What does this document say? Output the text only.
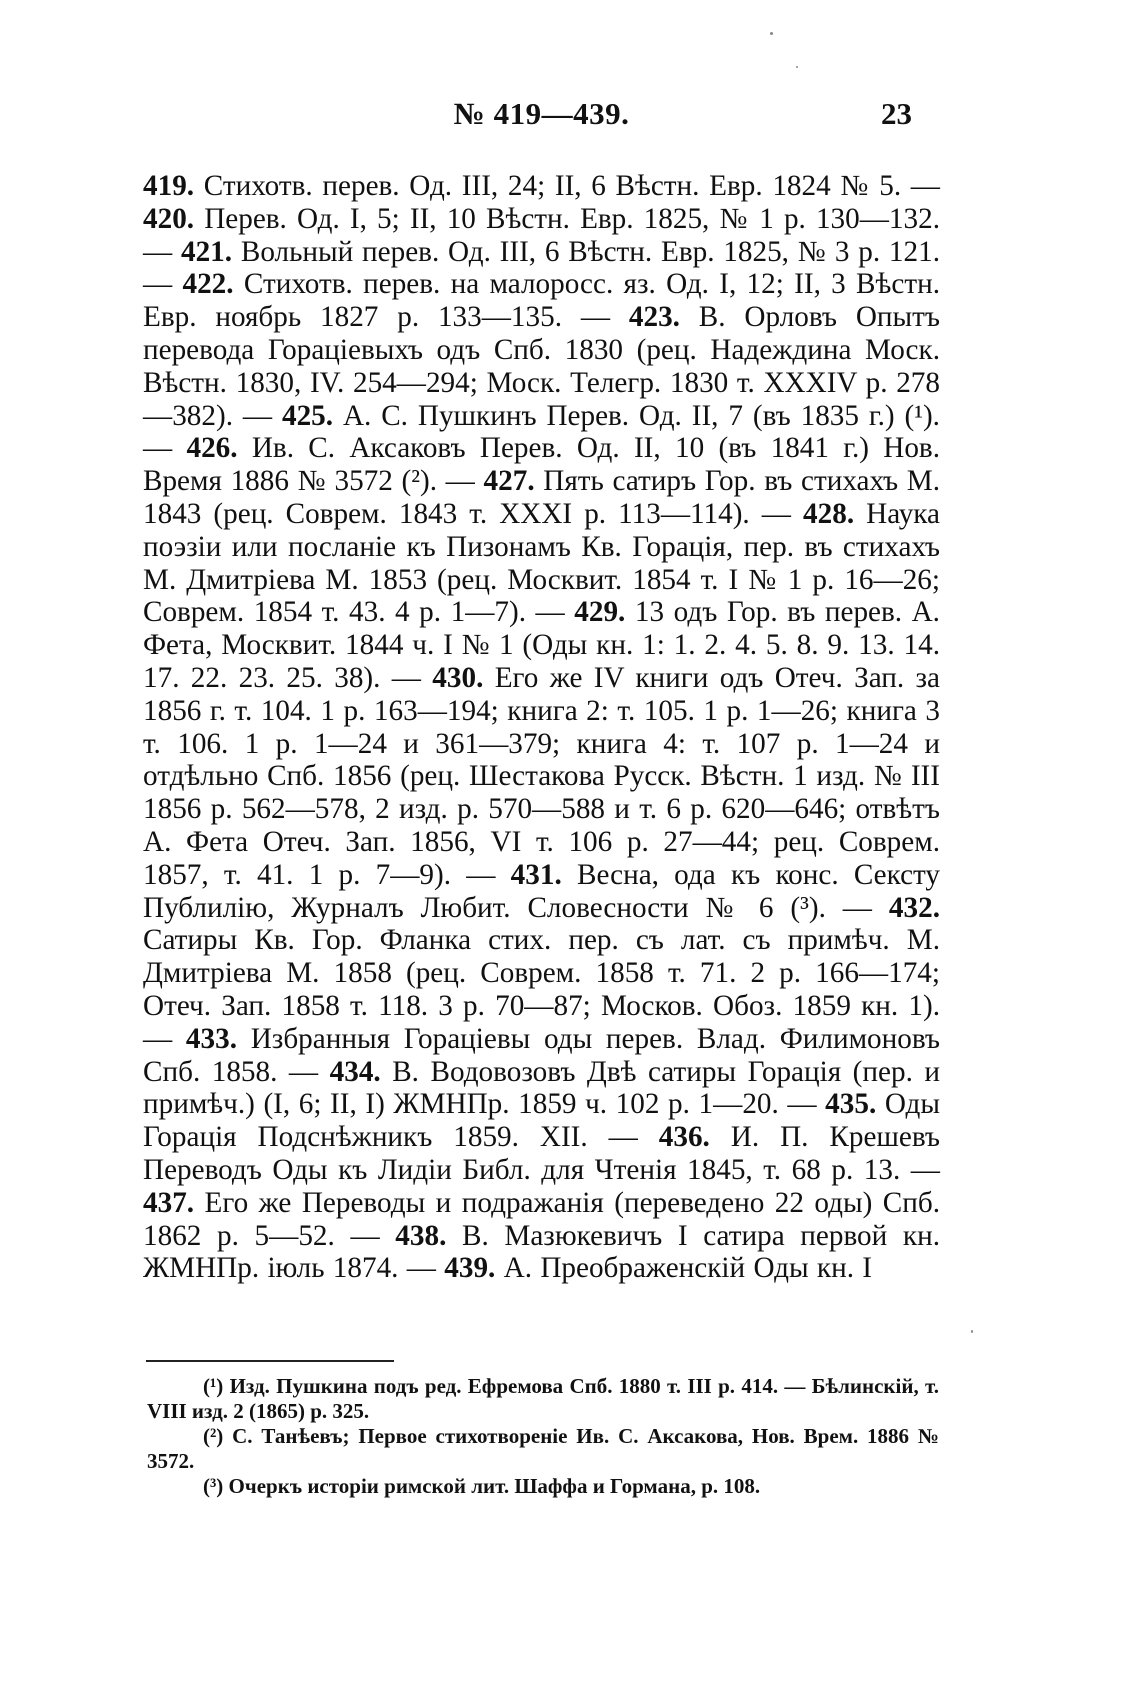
№ 419—439.	23
419. Стихотв. перев. Од. III, 24; II, 6 Вѣстн. Евр. 1824 № 5. — 420. Перев. Од. I, 5; II, 10 Вѣстн. Евр. 1825, № 1 р. 130—132. — 421. Вольный перев. Од. III, 6 Вѣстн. Евр. 1825, № 3 р. 121. — 422. Стихотв. перев. на малоросс. яз. Од. I, 12; II, 3 Вѣстн. Евр. ноябрь 1827 р. 133—135. — 423. В. Орловъ Опытъ перевода Горацiевыхъ одъ Спб. 1830 (рец. Надеждина Моск. Вѣстн. 1830, IV. 254—294; Моск. Телегр. 1830 т. XXXIV р. 278—382). — 425. А. С. Пушкинъ Перев. Од. II, 7 (въ 1835 г.) (¹). — 426. Ив. С. Аксаковъ Перев. Од. II, 10 (въ 1841 г.) Нов. Время 1886 № 3572 (²). — 427. Пять сатиръ Гор. въ стихахъ М. 1843 (рец. Соврем. 1843 т. XXXI р. 113—114). — 428. Наука поэзiи или посланiе къ Пизонамъ Кв. Горацiя, пер. въ стихахъ М. Дмитрiева М. 1853 (рец. Москвит. 1854 т. I № 1 р. 16—26; Соврем. 1854 т. 43. 4 р. 1—7). — 429. 13 одъ Гор. въ перев. А. Фета, Москвит. 1844 ч. I № 1 (Оды кн. 1: 1. 2. 4. 5. 8. 9. 13. 14. 17. 22. 23. 25. 38). — 430. Его же IV книги одъ Отеч. Зап. за 1856 г. т. 104. 1 р. 163—194; книга 2: т. 105. 1 р. 1—26; книга 3 т. 106. 1 р. 1—24 и 361—379; книга 4: т. 107 р. 1—24 и отдѣльно Спб. 1856 (рец. Шестакова Русск. Вѣстн. 1 изд. № III 1856 р. 562—578, 2 изд. р. 570—588 и т. 6 р. 620—646; отвѣтъ А. Фета Отеч. Зап. 1856, VI т. 106 р. 27—44; рец. Соврем. 1857, т. 41. 1 р. 7—9). — 431. Весна, ода къ конс. Сексту Публилiю, Журналъ Любит. Словесности № 6 (³). — 432. Сатиры Кв. Гор. Фланка стих. пер. съ лат. съ примѣч. М. Дмитрiева М. 1858 (рец. Соврем. 1858 т. 71. 2 р. 166—174; Отеч. Зап. 1858 т. 118. 3 р. 70—87; Москов. Обоз. 1859 кн. 1). — 433. Избранныя Горацiевы оды перев. Влад. Филимоновъ Спб. 1858. — 434. В. Водовозовъ Двѣ сатиры Горацiя (пер. и примѣч.) (I, 6; II, I) ЖМНПр. 1859 ч. 102 р. 1—20. — 435. Оды Горацiя Подснѣжникъ 1859. XII. — 436. И. П. Крешевъ Переводъ Оды къ Лидiи Библ. для Чтенiя 1845, т. 68 р. 13. — 437. Его же Переводы и подражанiя (переведено 22 оды) Спб. 1862 р. 5—52. — 438. В. Мазюкевичъ I сатира первой кн. ЖМНПр. iюль 1874. — 439. А. Преображенскiй Оды кн. I

(¹) Изд. Пушкина подъ ред. Ефремова Спб. 1880 т. III р. 414. — Бѣлинскiй, т. VIII изд. 2 (1865) р. 325.

(²) С. Танѣевъ; Первое стихотворенiе Ив. С. Аксакова, Нов. Врем. 1886 № 3572.

(³) Очеркъ исторiи римской лит. Шаффа и Гормана, р. 108.
